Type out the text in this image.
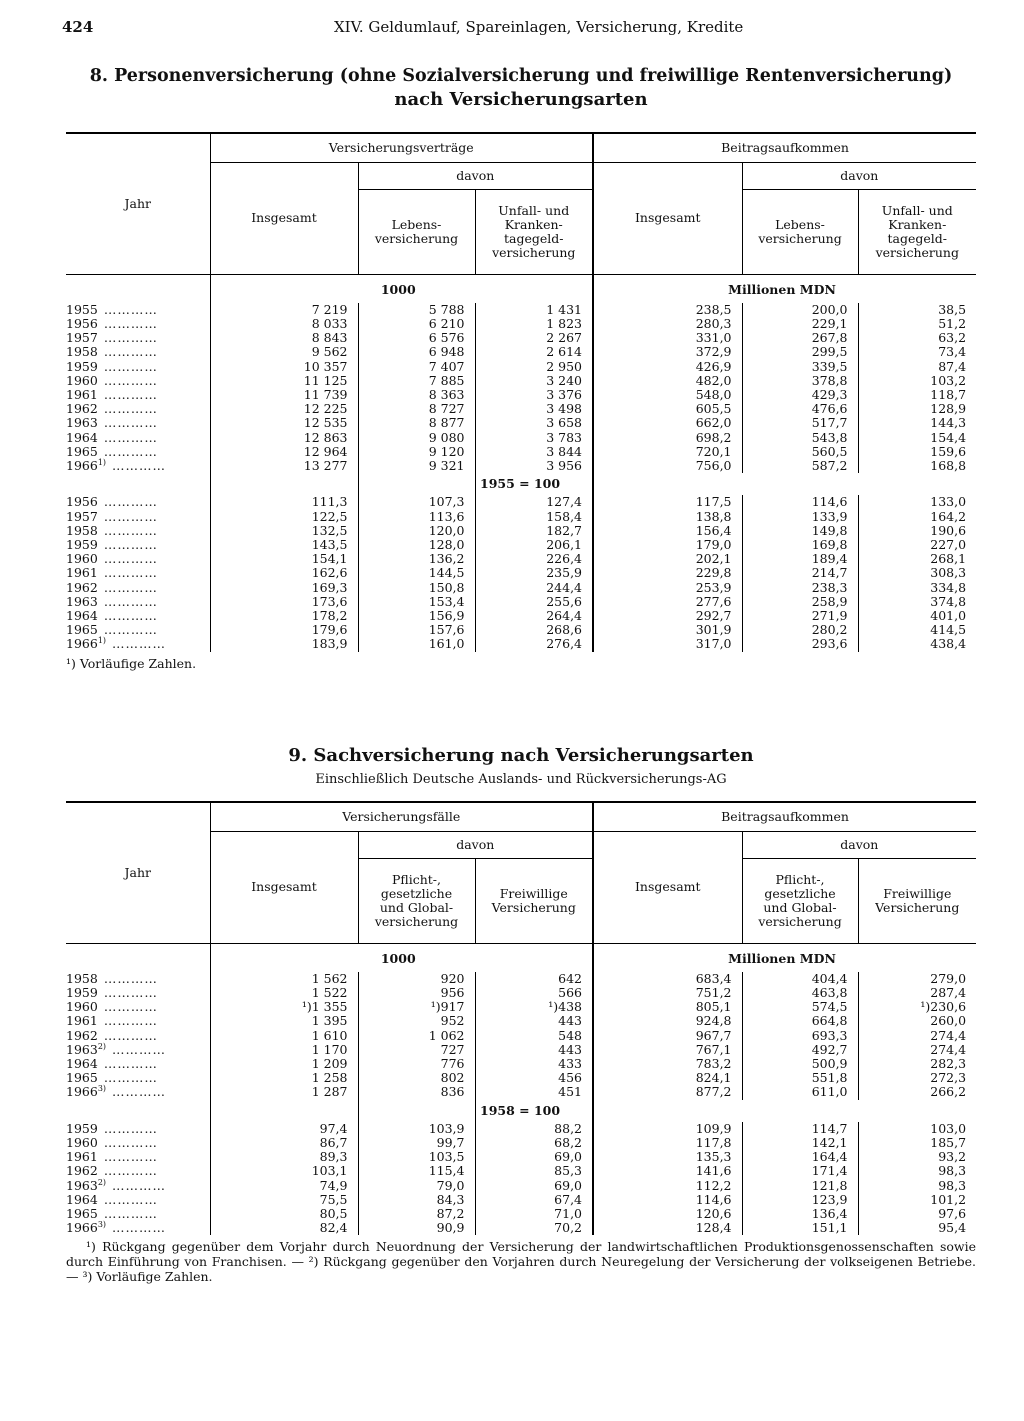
424	XIV. Geldumlauf, Spareinlagen, Versicherung, Kredite
8. Personenversicherung (ohne Sozialversicherung und freiwillige Rentenversicherung)
nach Versicherungsarten
Jahr	Versicherungsverträge			Beitragsaufkommen		
	Insgesamt	davon		Insgesamt	davon	
		Lebens-
versicherung	Unfall- und
Kranken-
tagegeld-
versicherung		Lebens-
versicherung	Unfall- und
Kranken-
tagegeld-
versicherung

	1000			Millionen MDN		
1955 …………	7 219	5 788	1 431	238,5	200,0	38,5
1956 …………	8 033	6 210	1 823	280,3	229,1	51,2
1957 …………	8 843	6 576	2 267	331,0	267,8	63,2
1958 …………	9 562	6 948	2 614	372,9	299,5	73,4
1959 …………	10 357	7 407	2 950	426,9	339,5	87,4
1960 …………	11 125	7 885	3 240	482,0	378,8	103,2
1961 …………	11 739	8 363	3 376	548,0	429,3	118,7
1962 …………	12 225	8 727	3 498	605,5	476,6	128,9
1963 …………	12 535	8 877	3 658	662,0	517,7	144,3
1964 …………	12 863	9 080	3 783	698,2	543,8	154,4
1965 …………	12 964	9 120	3 844	720,1	560,5	159,6
1966$^{1)}$ …………	13 277	9 321	3 956	756,0	587,2	168,8
				1955 = 100		
1956 …………	111,3	107,3	127,4	117,5	114,6	133,0
1957 …………	122,5	113,6	158,4	138,8	133,9	164,2
1958 …………	132,5	120,0	182,7	156,4	149,8	190,6
1959 …………	143,5	128,0	206,1	179,0	169,8	227,0
1960 …………	154,1	136,2	226,4	202,1	189,4	268,1
1961 …………	162,6	144,5	235,9	229,8	214,7	308,3
1962 …………	169,3	150,8	244,4	253,9	238,3	334,8
1963 …………	173,6	153,4	255,6	277,6	258,9	374,8
1964 …………	178,2	156,9	264,4	292,7	271,9	401,0
1965 …………	179,6	157,6	268,6	301,9	280,2	414,5
1966$^{1)}$ …………	183,9	161,0	276,4	317,0	293,6	438,4
¹) Vorläufige Zahlen.
9. Sachversicherung nach Versicherungsarten
Einschließlich Deutsche Auslands- und Rückversicherungs-AG
Jahr	Versicherungsfälle			Beitragsaufkommen		
	Insgesamt	davon		Insgesamt	davon	
		Pflicht-,
gesetzliche
und Global-
versicherung	Freiwillige
Versicherung		Pflicht-,
gesetzliche
und Global-
versicherung	Freiwillige
Versicherung

	1000			Millionen MDN		
1958 …………	1 562	920	642	683,4	404,4	279,0
1959 …………	1 522	956	566	751,2	463,8	287,4
1960 …………	¹)1 355	¹)917	¹)438	805,1	574,5	¹)230,6
1961 …………	1 395	952	443	924,8	664,8	260,0
1962 …………	1 610	1 062	548	967,7	693,3	274,4
1963$^{2)}$ …………	1 170	727	443	767,1	492,7	274,4
1964 …………	1 209	776	433	783,2	500,9	282,3
1965 …………	1 258	802	456	824,1	551,8	272,3
1966$^{3)}$ …………	1 287	836	451	877,2	611,0	266,2
				1958 = 100		
1959 …………	97,4	103,9	88,2	109,9	114,7	103,0
1960 …………	86,7	99,7	68,2	117,8	142,1	185,7
1961 …………	89,3	103,5	69,0	135,3	164,4	93,2
1962 …………	103,1	115,4	85,3	141,6	171,4	98,3
1963$^{2)}$ …………	74,9	79,0	69,0	112,2	121,8	98,3
1964 …………	75,5	84,3	67,4	114,6	123,9	101,2
1965 …………	80,5	87,2	71,0	120,6	136,4	97,6
1966$^{3)}$ …………	82,4	90,9	70,2	128,4	151,1	95,4
¹) Rückgang gegenüber dem Vorjahr durch Neuordnung der Versicherung der landwirtschaftlichen Produktionsgenossenschaften sowie durch Einführung von Franchisen. — ²) Rückgang gegenüber den Vorjahren durch Neuregelung der Versicherung der volkseigenen Betriebe. — ³) Vorläufige Zahlen.
